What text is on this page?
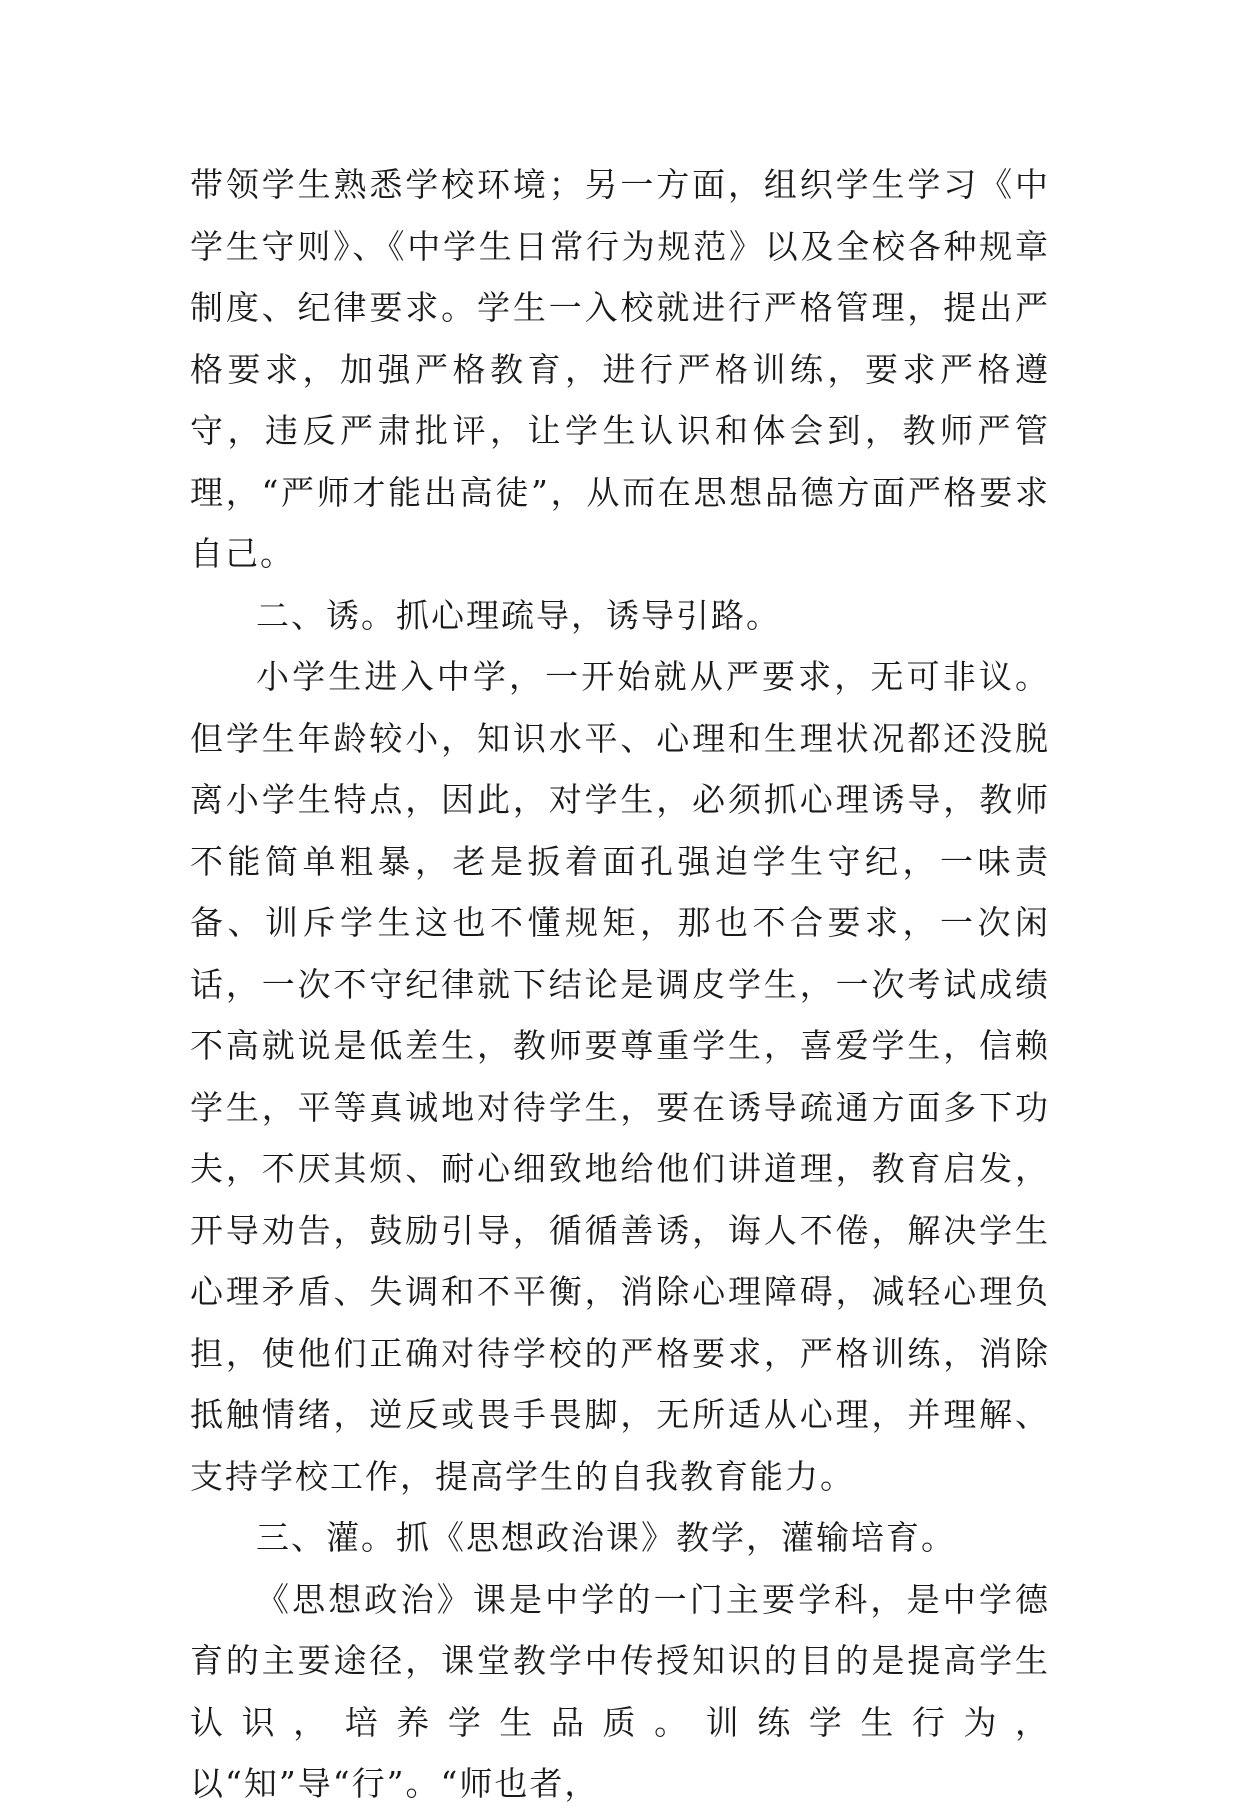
带领学生熟悉学校环境；另一方面，组织学生学习《中学生守则》、《中学生日常行为规范》以及全校各种规章制度、纪律要求。学生一入校就进行严格管理，提出严格要求，加强严格教育，进行严格训练，要求严格遵守，违反严肃批评，让学生认识和体会到，教师严管理，“严师才能出高徒”，从而在思想品德方面严格要求自己。

二、诱。抓心理疏导，诱导引路。

小学生进入中学，一开始就从严要求，无可非议。但学生年龄较小，知识水平、心理和生理状况都还没脱离小学生特点，因此，对学生，必须抓心理诱导，教师不能简单粗暴，老是扳着面孔强迫学生守纪，一味责备、训斥学生这也不懂规矩，那也不合要求，一次闲话，一次不守纪律就下结论是调皮学生，一次考试成绩不高就说是低差生，教师要尊重学生，喜爱学生，信赖学生，平等真诚地对待学生，要在诱导疏通方面多下功夫，不厌其烦、耐心细致地给他们讲道理，教育启发，开导劝告，鼓励引导，循循善诱，诲人不倦，解决学生心理矛盾、失调和不平衡，消除心理障碍，减轻心理负担，使他们正确对待学校的严格要求，严格训练，消除抵触情绪，逆反或畏手畏脚，无所适从心理，并理解、支持学校工作，提高学生的自我教育能力。

三、灌。抓《思想政治课》教学，灌输培育。

《思想政治》课是中学的一门主要学科，是中学德育的主要途径，课堂教学中传授知识的目的是提高学生认识，培养学生品质。训练学生行为，以“知”导“行”。“师也者，
